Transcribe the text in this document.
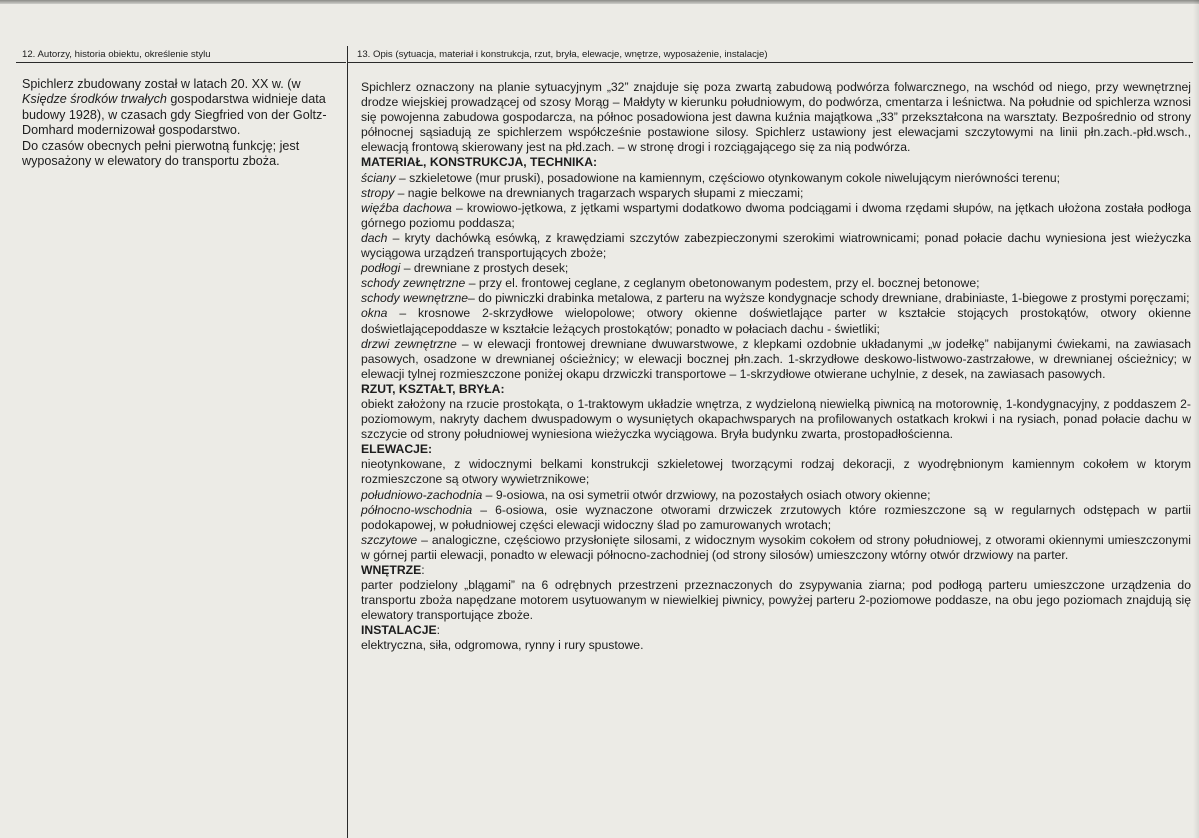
12. Autorzy, historia obiektu, określenie stylu	13. Opis (sytuacja, materiał i konstrukcja, rzut, bryła, elewacje, wnętrze, wyposażenie, instalacje)

Spichlerz zbudowany został w latach 20. XX w. (w Księdze środków trwałych gospodarstwa widnieje data budowy 1928), w czasach gdy Siegfried von der Goltz-Domhard modernizował gospodarstwo.

Do czasów obecnych pełni pierwotną funkcję; jest wyposażony w elewatory do transportu zboża.

Spichlerz oznaczony na planie sytuacyjnym „32” znajduje się poza zwartą zabudową podwórza folwarcznego, na wschód od niego, przy wewnętrznej drodze wiejskiej prowadzącej od szosy Morąg – Małdyty w kierunku południowym, do podwórza, cmentarza i leśnictwa. Na południe od spichlerza wznosi się powojenna zabudowa gospodarcza, na północ posadowiona jest dawna kuźnia majątkowa „33” przekształcona na warsztaty. Bezpośrednio od strony północnej sąsiadują ze spichlerzem współcześnie postawione silosy. Spichlerz ustawiony jest elewacjami szczytowymi na linii płn.zach.-płd.wsch., elewacją frontową skierowany jest na płd.zach. – w stronę drogi i rozciągającego się za nią podwórza.

MATERIAŁ, KONSTRUKCJA, TECHNIKA:

ściany – szkieletowe (mur pruski), posadowione na kamiennym, częściowo otynkowanym cokole niwelującym nierówności terenu;

stropy – nagie belkowe na drewnianych tragarzach wsparych słupami z mieczami;

więźba dachowa – krowiowo-jętkowa, z jętkami wspartymi dodatkowo dwoma podciągami i dwoma rzędami słupów, na jętkach ułożona została podłoga górnego poziomu poddasza;

dach – kryty dachówką esówką, z krawędziami szczytów zabezpieczonymi szerokimi wiatrownicami; ponad połacie dachu wyniesiona jest wieżyczka wyciągowa urządzeń transportujących zboże;

podłogi – drewniane z prostych desek;

schody zewnętrzne – przy el. frontowej ceglane, z ceglanym obetonowanym podestem, przy el. bocznej betonowe;

schody wewnętrzne– do piwniczki drabinka metalowa, z parteru na wyższe kondygnacje schody drewniane, drabiniaste, 1-biegowe z prostymi poręczami;

okna – krosnowe 2-skrzydłowe wielopolowe; otwory okienne doświetlające parter w kształcie stojących prostokątów, otwory okienne doświetlającepoddasze w kształcie leżących prostokątów; ponadto w połaciach dachu - świetliki;

drzwi zewnętrzne – w elewacji frontowej drewniane dwuwarstwowe, z klepkami ozdobnie układanymi „w jodełkę” nabijanymi ćwiekami, na zawiasach pasowych, osadzone w drewnianej ościeżnicy; w elewacji bocznej płn.zach. 1-skrzydłowe deskowo-listwowo-zastrzałowe, w drewnianej ościeżnicy; w elewacji tylnej rozmieszczone poniżej okapu drzwiczki transportowe – 1-skrzydłowe otwierane uchylnie, z desek, na zawiasach pasowych.

RZUT, KSZTAŁT, BRYŁA:

obiekt założony na rzucie prostokąta, o 1-traktowym układzie wnętrza, z wydzieloną niewielką piwnicą na motorownię, 1-kondygnacyjny, z poddaszem 2-poziomowym, nakryty dachem dwuspadowym o wysuniętych okapachwsparych na profilowanych ostatkach krokwi i na rysiach, ponad połacie dachu w szczycie od strony południowej wyniesiona wieżyczka wyciągowa. Bryła budynku zwarta, prostopadłościenna.

ELEWACJE:

nieotynkowane, z widocznymi belkami konstrukcji szkieletowej tworzącymi rodzaj dekoracji, z wyodrębnionym kamiennym cokołem w ktorym rozmieszczone są otwory wywietrznikowe;

południowo-zachodnia – 9-osiowa, na osi symetrii otwór drzwiowy, na pozostałych osiach otwory okienne;

północno-wschodnia – 6-osiowa, osie wyznaczone otworami drzwiczek zrzutowych które rozmieszczone są w regularnych odstępach w partii podokapowej, w południowej części elewacji widoczny ślad po zamurowanych wrotach;

szczytowe – analogiczne, częściowo przysłonięte silosami, z widocznym wysokim cokołem od strony południowej, z otworami okiennymi umieszczonymi w górnej partii elewacji, ponadto w elewacji północno-zachodniej (od strony silosów) umieszczony wtórny otwór drzwiowy na parter.

WNĘTRZE:

parter podzielony „blągami” na 6 odrębnych przestrzeni przeznaczonych do zsypywania ziarna; pod podłogą parteru umieszczone urządzenia do transportu zboża napędzane motorem usytuowanym w niewielkiej piwnicy, powyżej parteru 2-poziomowe poddasze, na obu jego poziomach znajdują się elewatory transportujące zboże.

INSTALACJE:

elektryczna, siła, odgromowa, rynny i rury spustowe.
